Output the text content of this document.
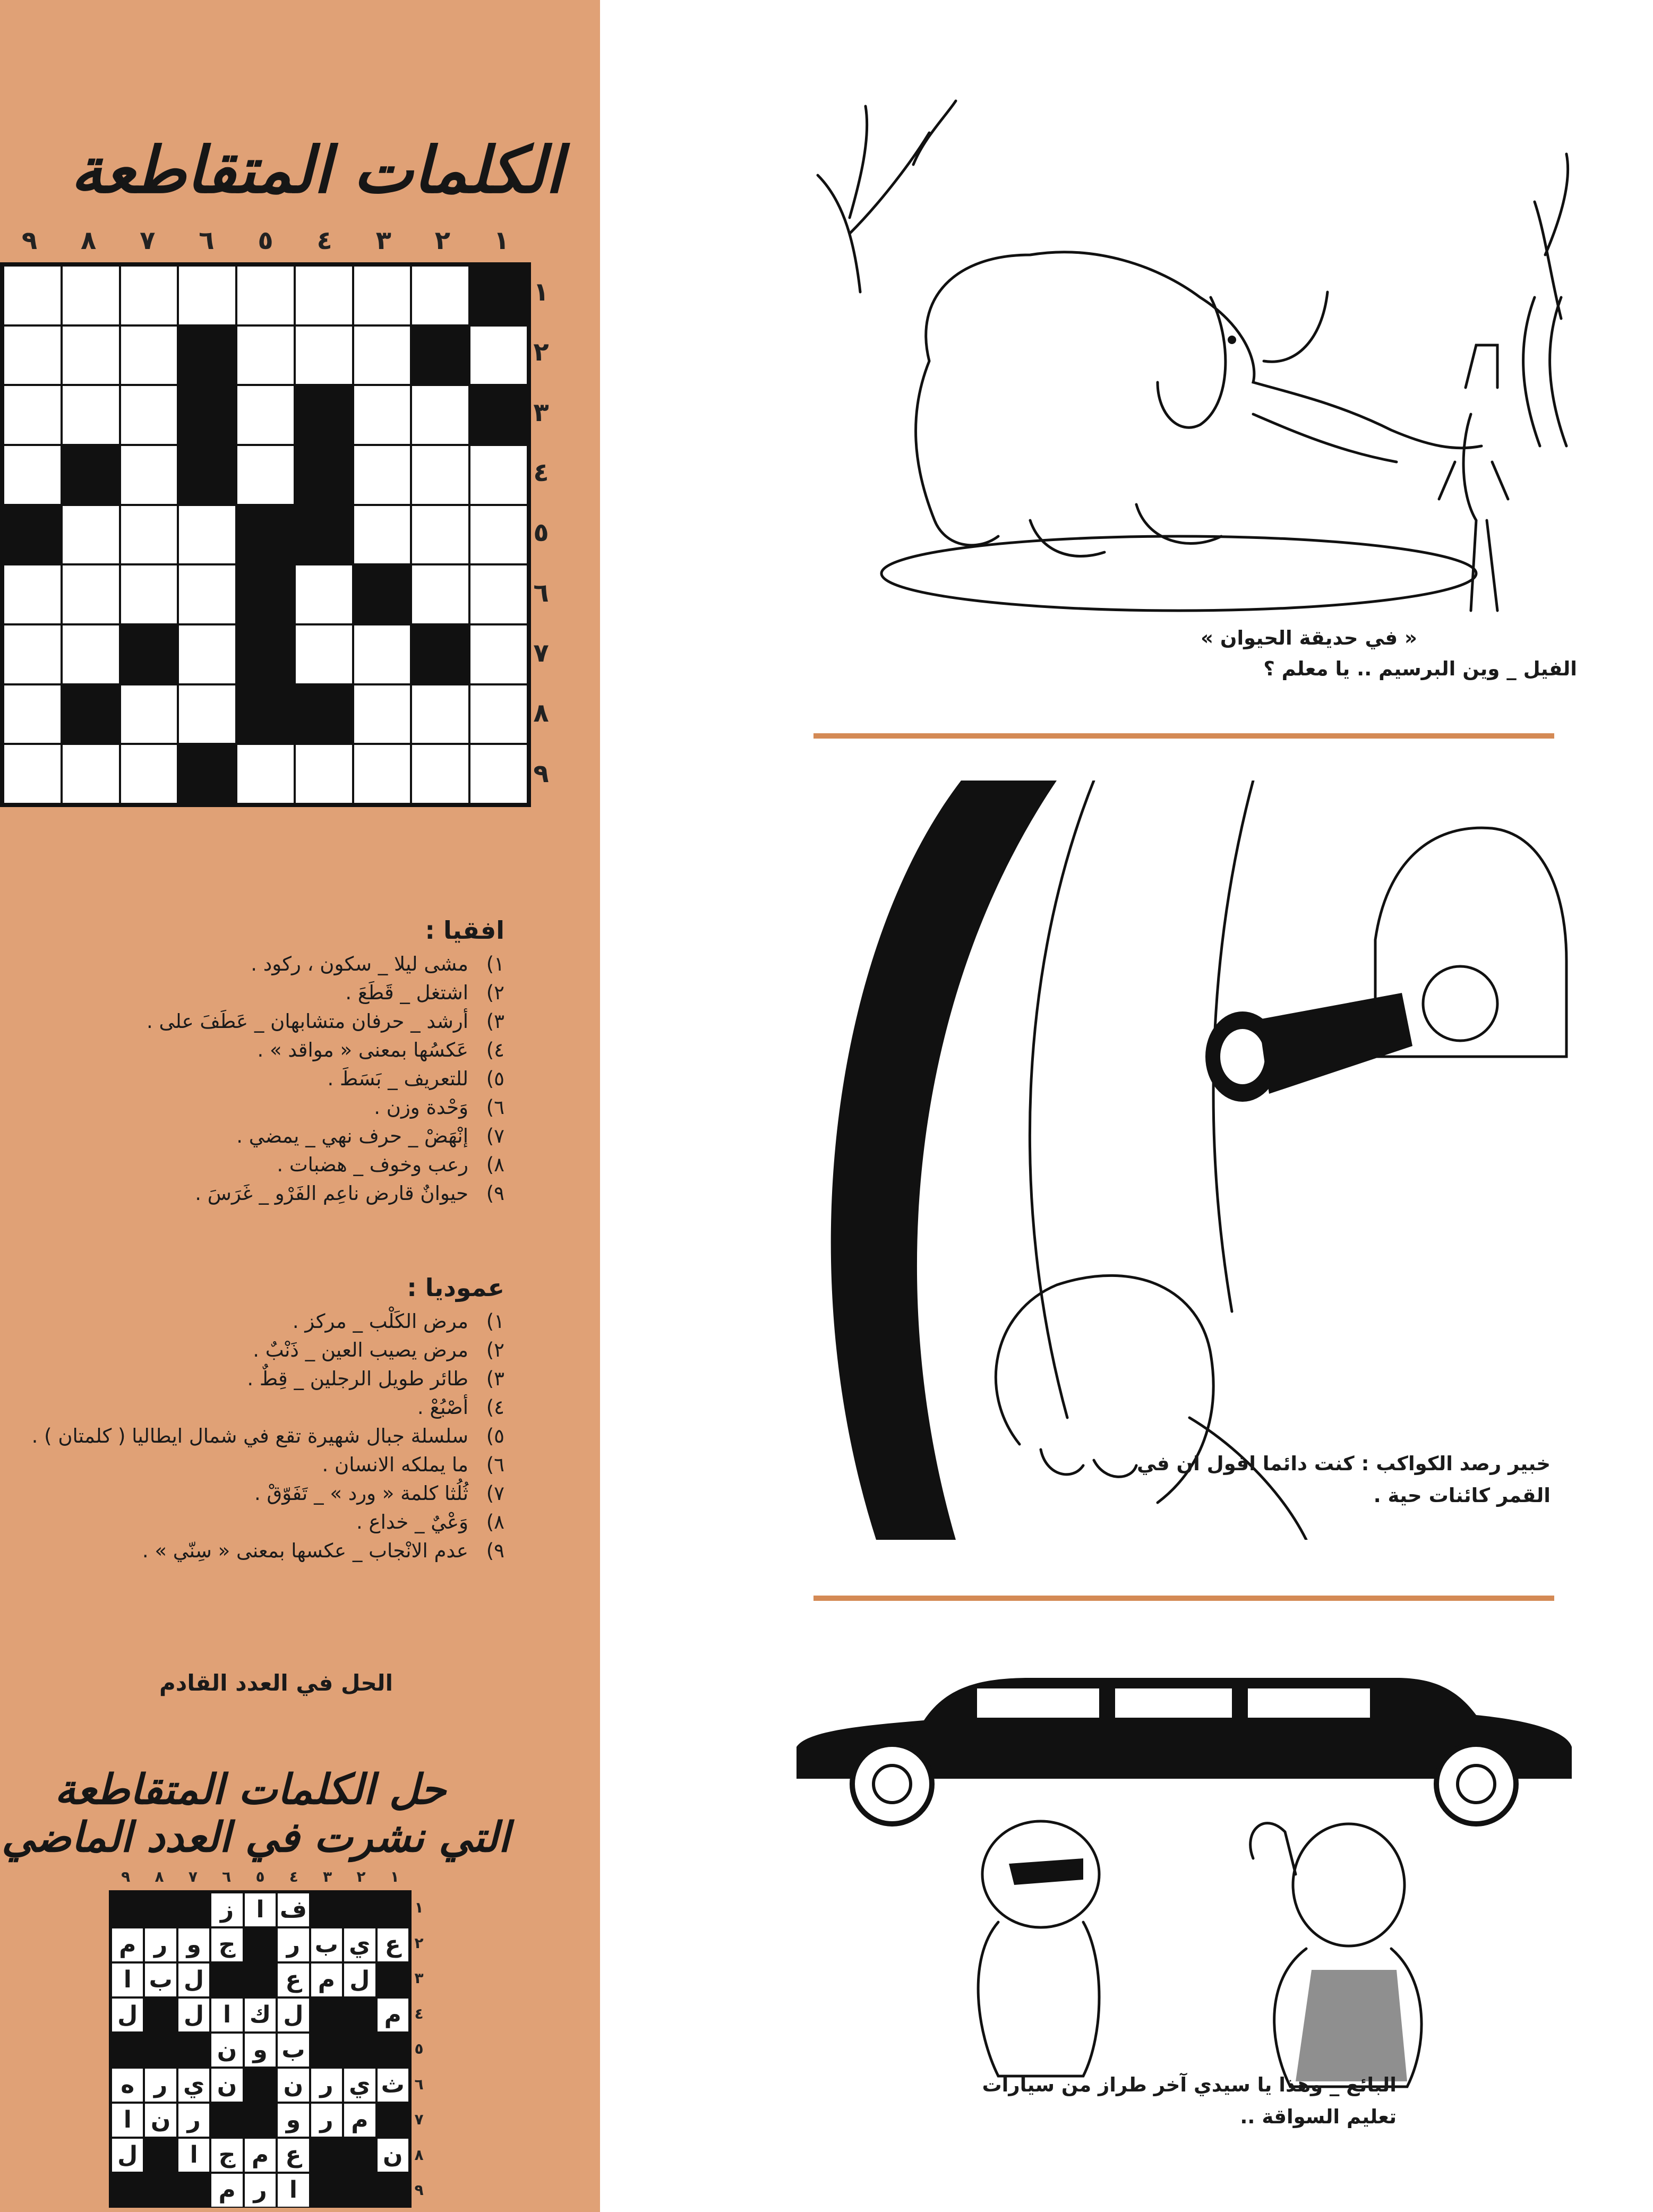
الكلمات المتقاطعة
١
٢
٣
٤
٥
٦
٧
٨
٩
١
٢
٣
٤
٥
٦
٧
٨
٩
افقيا :
١)مشى ليلا _ سكون ، ركود .
٢)اشتغل _ قَطَعَ .
٣)أرشد _ حرفان متشابهان _ عَطَفَ على .
٤)عَكسُها بمعنى « مواقد » .
٥)للتعريف _ بَسَطَ .
٦)وَحْدة وزن .
٧)إنْهَضْ _ حرف نهي _ يمضي .
٨)رعب وخوف _ هضبات .
٩)حيوانٌ قارض ناعِم الفَرْو _ غَرَسَ .
عموديا :
١)مرض الكَلْب _ مركز .
٢)مرض يصيب العين _ ذَنْبٌ .
٣)طائر طويل الرجلين _ قِطٌ .
٤)أصْبُعْ .
٥)سلسلة جبال شهيرة تقع في شمال ايطاليا ( كلمتان ) .
٦)ما يملكه الانسان .
٧)ثُلُثا كلمة « ورد » _ تَفَوّقْ .
٨)وَعْيٌ _ خداع .
٩)عدم الانْجاب _ عكسها بمعنى « سِنّي » .
الحل في العدد القادم
حل الكلمات المتقاطعة
التي نشرت في العدد الماضي
١
٢
٣
٤
٥
٦
٧
٨
٩
١
٢
٣
٤
٥
٦
٧
٨
٩
ف
ا
ز
ع
ي
ب
ر
ج
و
ر
م
ل
م
ع
ل
ب
ا
م
ل
ك
ا
ل
ل
ب
و
ن
ث
ي
ر
ن
ن
ي
ر
ه
م
ر
و
ر
ن
ا
ن
ع
م
ج
ا
ل
ا
ر
م
« في حديقة الحيوان »
الفيل _ وين البرسيم .. يا معلم ؟
خبير رصد الكواكب : كنت دائما اقول ان في
القمر كائنات حية .
البائع _ وهذا يا سيدي آخر طراز من سيارات
تعليم السواقة ..
